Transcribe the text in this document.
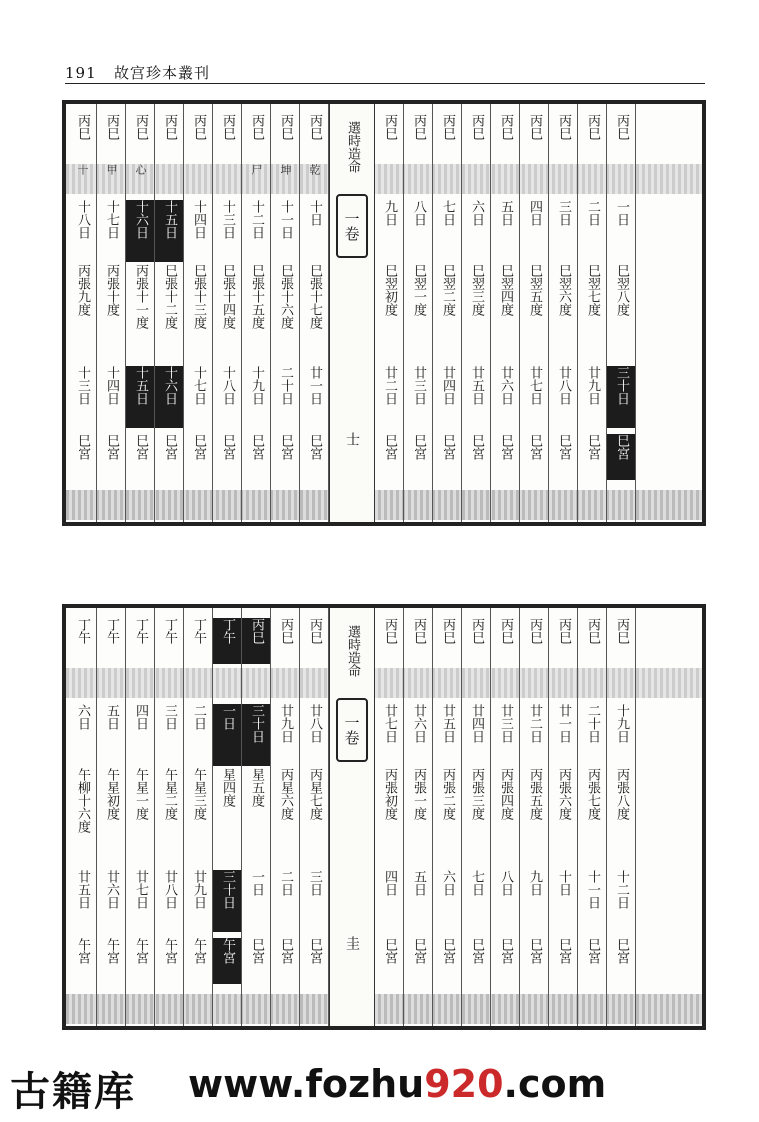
191 故宫珍本叢刊
丙巳
十
十八日
丙張九度
十三日
巳宮
丙巳
甲
十七日
丙張十度
十四日
巳宮
丙巳
心
十六日
丙張十一度
十五日
巳宮
丙巳
十五日
巳張十二度
十六日
巳宮
丙巳
十四日
巳張十三度
十七日
巳宮
丙巳
十三日
巳張十四度
十八日
巳宮
丙巳
尸
十二日
巳張十五度
十九日
巳宮
丙巳
坤
十一日
巳張十六度
二十日
巳宮
丙巳
乾
十日
巳張十七度
廿一日
巳宮
選時造命
一卷
士
丙巳
九日
巳翌初度
廿二日
巳宮
丙巳
八日
巳翌一度
廿三日
巳宮
丙巳
七日
巳翌二度
廿四日
巳宮
丙巳
六日
巳翌三度
廿五日
巳宮
丙巳
五日
巳翌四度
廿六日
巳宮
丙巳
四日
巳翌五度
廿七日
巳宮
丙巳
三日
巳翌六度
廿八日
巳宮
丙巳
二日
巳翌七度
廿九日
巳宮
丙巳
一日
巳翌八度
三十日
巳宮
丁午
六日
午柳十六度
廿五日
午宮
丁午
五日
午星初度
廿六日
午宮
丁午
四日
午星一度
廿七日
午宮
丁午
三日
午星二度
廿八日
午宮
丁午
二日
午星三度
廿九日
午宮
丁午
一日
星四度
三十日
午宮
丙巳
三十日
星五度
一日
巳宮
丙巳
廿九日
丙星六度
二日
巳宮
丙巳
廿八日
丙星七度
三日
巳宮
選時造命
一卷
圭
丙巳
廿七日
丙張初度
四日
巳宮
丙巳
廿六日
丙張一度
五日
巳宮
丙巳
廿五日
丙張二度
六日
巳宮
丙巳
廿四日
丙張三度
七日
巳宮
丙巳
廿三日
丙張四度
八日
巳宮
丙巳
廿二日
丙張五度
九日
巳宮
丙巳
廿一日
丙張六度
十日
巳宮
丙巳
二十日
丙張七度
十一日
巳宮
丙巳
十九日
丙張八度
十二日
巳宮
古籍库 www.fozhu920.com
